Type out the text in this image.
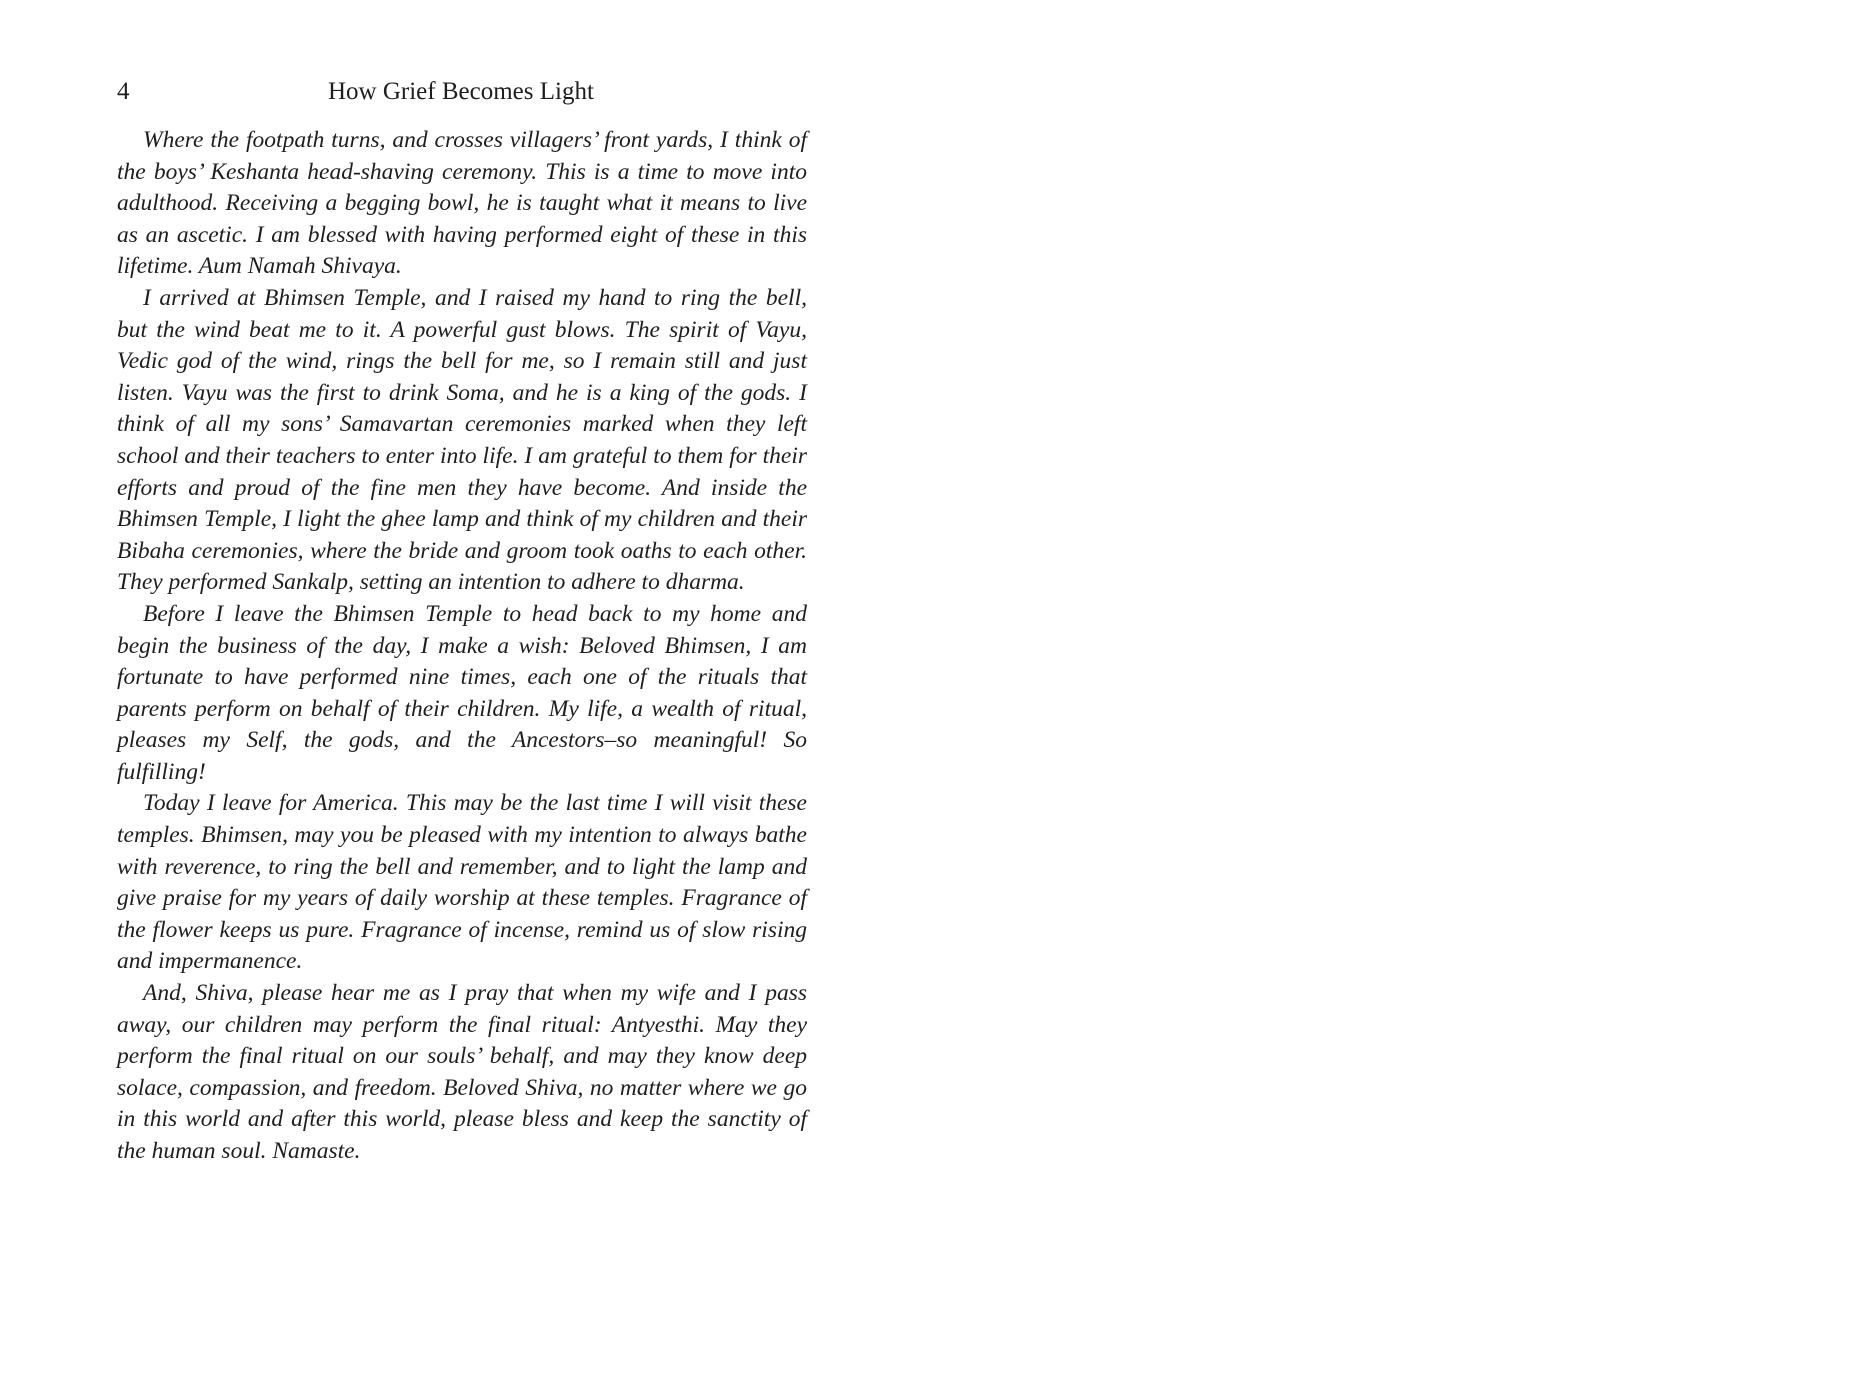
4	How Grief Becomes Light

Where the footpath turns, and crosses villagers’ front yards, I think of the boys’ Keshanta head-shaving ceremony. This is a time to move into adulthood. Receiving a begging bowl, he is taught what it means to live as an ascetic. I am blessed with having performed eight of these in this lifetime. Aum Namah Shivaya.

I arrived at Bhimsen Temple, and I raised my hand to ring the bell, but the wind beat me to it. A powerful gust blows. The spirit of Vayu, Vedic god of the wind, rings the bell for me, so I remain still and just listen. Vayu was the first to drink Soma, and he is a king of the gods. I think of all my sons’ Samavartan ceremonies marked when they left school and their teachers to enter into life. I am grateful to them for their efforts and proud of the fine men they have become. And inside the Bhimsen Temple, I light the ghee lamp and think of my children and their Bibaha ceremonies, where the bride and groom took oaths to each other. They performed Sankalp, setting an intention to adhere to dharma.

Before I leave the Bhimsen Temple to head back to my home and begin the business of the day, I make a wish: Beloved Bhimsen, I am fortunate to have performed nine times, each one of the rituals that parents perform on behalf of their children. My life, a wealth of ritual, pleases my Self, the gods, and the Ancestors–so meaningful! So fulfilling!

Today I leave for America. This may be the last time I will visit these temples. Bhimsen, may you be pleased with my intention to always bathe with reverence, to ring the bell and remember, and to light the lamp and give praise for my years of daily worship at these temples. Fragrance of the flower keeps us pure. Fragrance of incense, remind us of slow rising and impermanence.

And, Shiva, please hear me as I pray that when my wife and I pass away, our children may perform the final ritual: Antyesthi. May they perform the final ritual on our souls’ behalf, and may they know deep solace, compassion, and freedom. Beloved Shiva, no matter where we go in this world and after this world, please bless and keep the sanctity of the human soul. Namaste.
